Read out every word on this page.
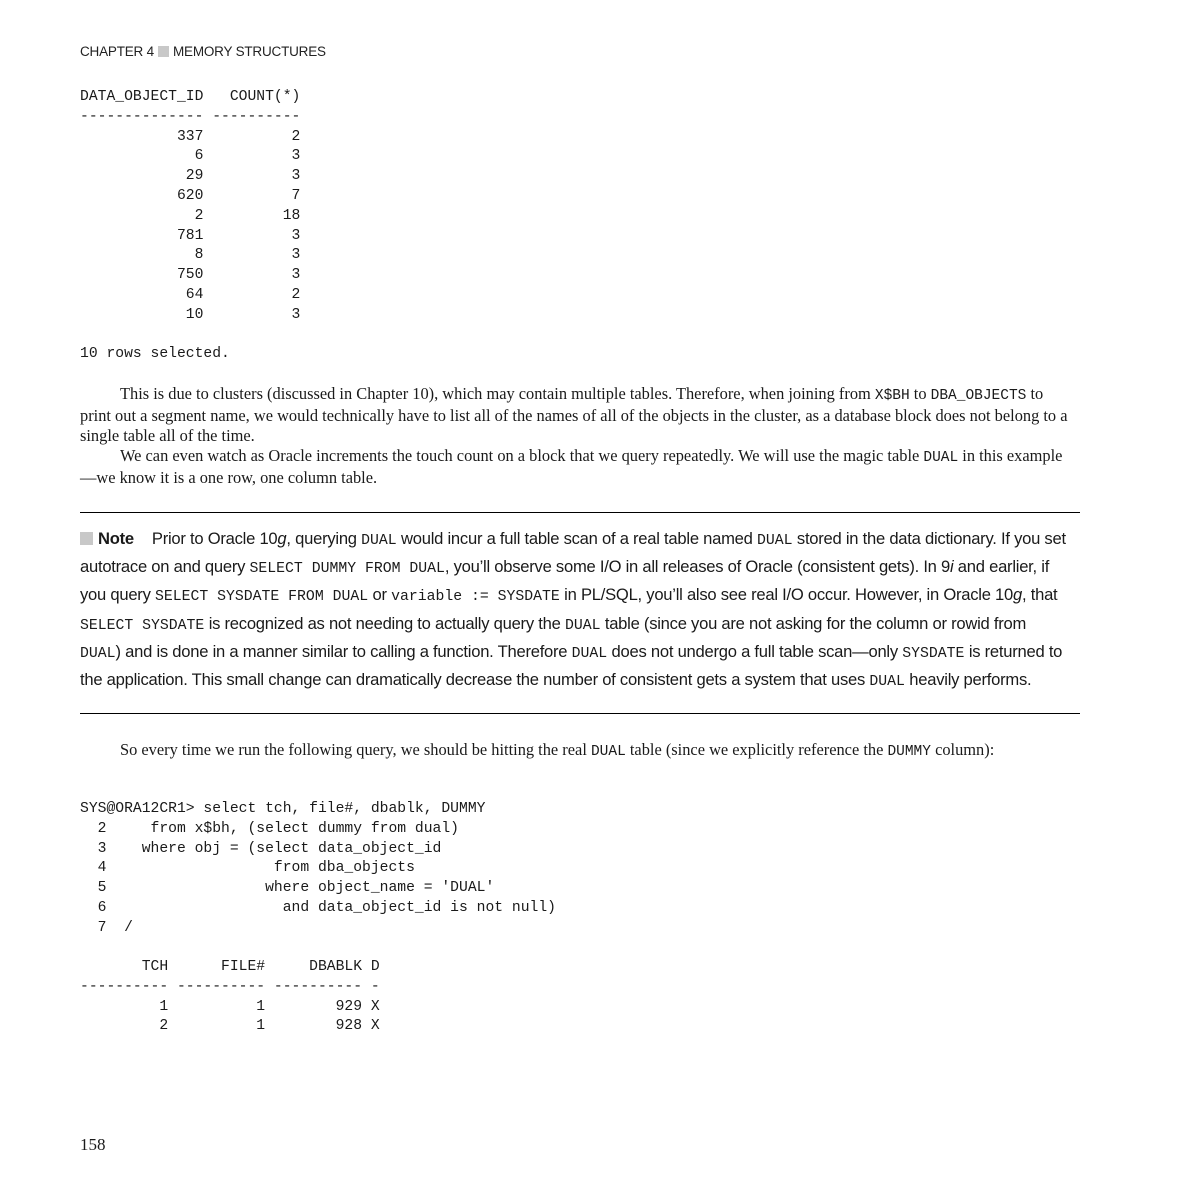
CHAPTER 4 MEMORY STRUCTURES
DATA_OBJECT_ID   COUNT(*)
-------------- ----------
337          2
6          3
29          3
620          7
2         18
781          3
8          3
750          3
64          2
10          3
10 rows selected.

This is due to clusters (discussed in Chapter 10), which may contain multiple tables. Therefore, when joining from X$BH to DBA_OBJECTS to print out a segment name, we would technically have to list all of the names of all of the objects in the cluster, as a database block does not belong to a single table all of the time.

We can even watch as Oracle increments the touch count on a block that we query repeatedly. We will use the magic table DUAL in this example—we know it is a one row, one column table.

Note Prior to Oracle 10g, querying DUAL would incur a full table scan of a real table named DUAL stored in the data dictionary. If you set autotrace on and query SELECT DUMMY FROM DUAL, you’ll observe some I/O in all releases of Oracle (consistent gets). In 9i and earlier, if you query SELECT SYSDATE FROM DUAL or variable := SYSDATE in PL/SQL, you’ll also see real I/O occur. However, in Oracle 10g, that SELECT SYSDATE is recognized as not needing to actually query the DUAL table (since you are not asking for the column or rowid from DUAL) and is done in a manner similar to calling a function. Therefore DUAL does not undergo a full table scan—only SYSDATE is returned to the application. This small change can dramatically decrease the number of consistent gets a system that uses DUAL heavily performs.

So every time we run the following query, we should be hitting the real DUAL table (since we explicitly reference the DUMMY column):

SYS@ORA12CR1> select tch, file#, dbablk, DUMMY
2     from x$bh, (select dummy from dual)
3    where obj = (select data_object_id
4                   from dba_objects
5                  where object_name = 'DUAL'
6                    and data_object_id is not null)
7  /
TCH      FILE#     DBABLK D
---------- ---------- ---------- -
1          1        929 X
2          1        928 X
158
